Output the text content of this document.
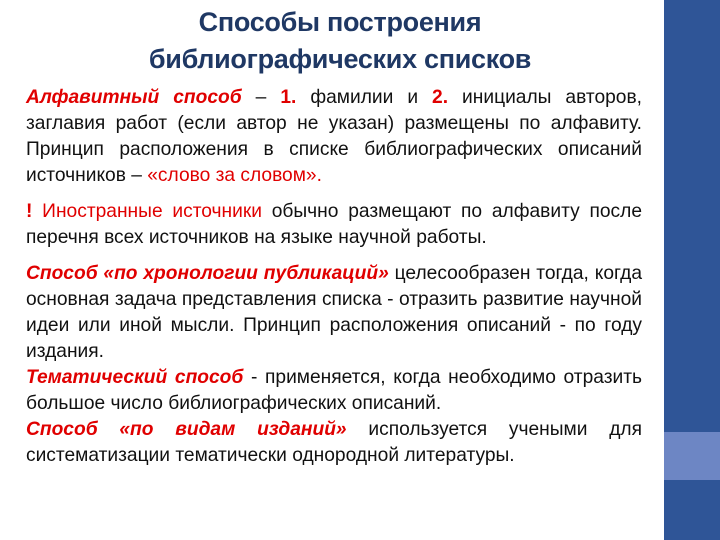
Способы построения
библиографических списков

Алфавитный способ – 1. фамилии и 2. инициалы авторов, заглавия работ (если автор не указан) размещены по алфавиту. Принцип расположения в списке библиографических описаний источников – «слово за словом».

! Иностранные источники обычно размещают по алфавиту после перечня всех источников на языке научной работы.

Способ «по хронологии публикаций» целесообразен тогда, когда основная задача представления списка - отразить развитие научной идеи или иной мысли. Принцип расположения описаний - по году издания.

Тематический способ - применяется, когда необходимо отразить большое число библиографических описаний.

Способ «по видам изданий» используется учеными для систематизации тематически однородной литературы.
